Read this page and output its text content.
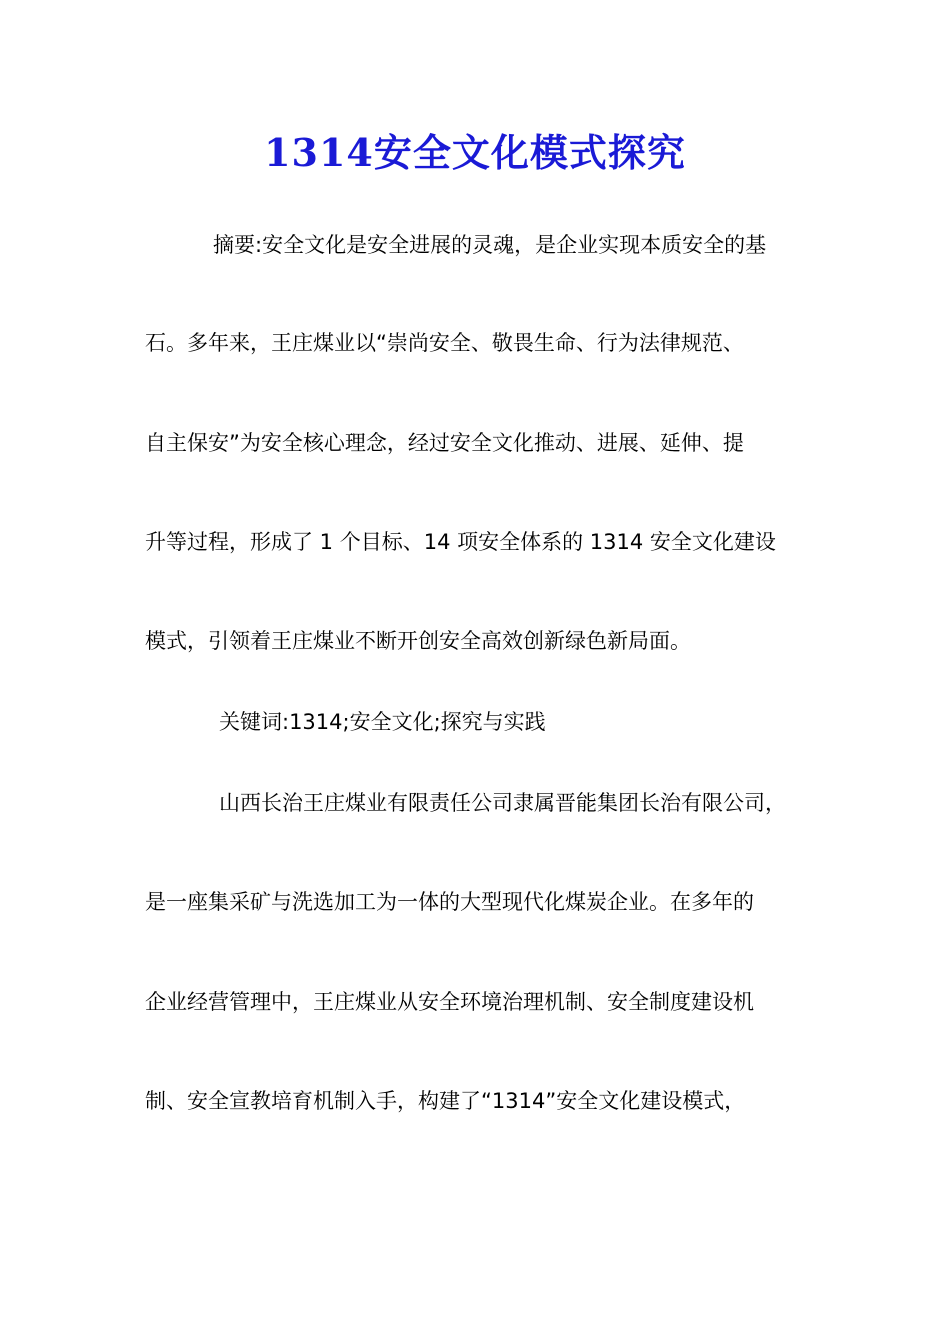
1314安全文化模式探究

摘要:安全文化是安全进展的灵魂，是企业实现本质安全的基

石。多年来，王庄煤业以“崇尚安全、敬畏生命、行为法律规范、

自主保安”为安全核心理念，经过安全文化推动、进展、延伸、提

升等过程，形成了 1 个目标、14 项安全体系的 1314 安全文化建设

模式，引领着王庄煤业不断开创安全高效创新绿色新局面。

关键词:1314;安全文化;探究与实践

山西长治王庄煤业有限责任公司隶属晋能集团长治有限公司，

是一座集采矿与洗选加工为一体的大型现代化煤炭企业。在多年的

企业经营管理中，王庄煤业从安全环境治理机制、安全制度建设机

制、安全宣教培育机制入手，构建了“1314”安全文化建设模式，
